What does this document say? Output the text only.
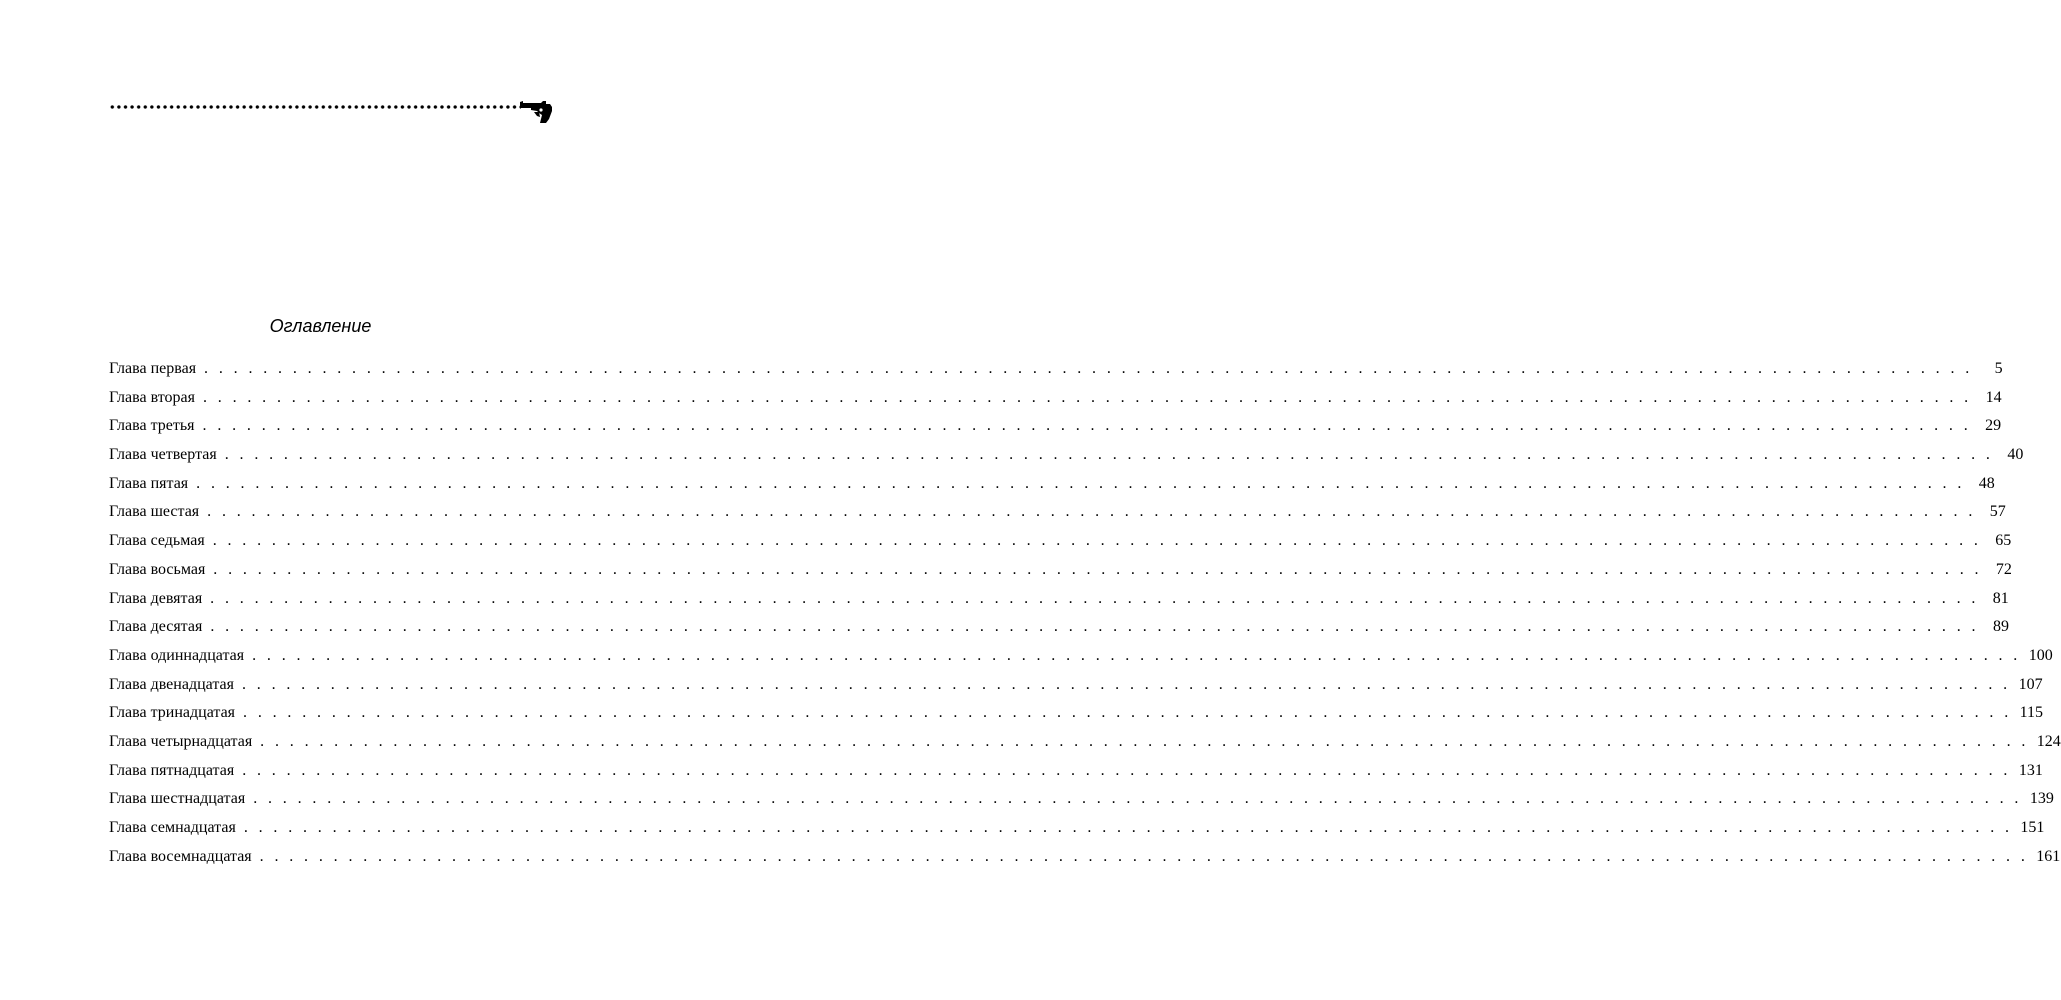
Оглавление
Глава первая . . . . . . . . . . . . . . . . . . . . . . . . . . . . . . . . . . . . . . . . . . . . . . . . . . . . . . . . . . . . . . . . . . . . . . . . . . . . . . . . . . . . . . . . . . . . . . . . . . . . . . . . . . . . . . . . . . . . . . . .	5
Глава вторая . . . . . . . . . . . . . . . . . . . . . . . . . . . . . . . . . . . . . . . . . . . . . . . . . . . . . . . . . . . . . . . . . . . . . . . . . . . . . . . . . . . . . . . . . . . . . . . . . . . . . . . . . . . . . . . . . . . . . . . . 14
Глава третья . . . . . . . . . . . . . . . . . . . . . . . . . . . . . . . . . . . . . . . . . . . . . . . . . . . . . . . . . . . . . . . . . . . . . . . . . . . . . . . . . . . . . . . . . . . . . . . . . . . . . . . . . . . . . . . . . . . . . . . . 29
Глава четвертая . . . . . . . . . . . . . . . . . . . . . . . . . . . . . . . . . . . . . . . . . . . . . . . . . . . . . . . . . . . . . . . . . . . . . . . . . . . . . . . . . . . . . . . . . . . . . . . . . . . . . . . . . . . . . . . . . . . . . . . . 40
Глава пятая . . . . . . . . . . . . . . . . . . . . . . . . . . . . . . . . . . . . . . . . . . . . . . . . . . . . . . . . . . . . . . . . . . . . . . . . . . . . . . . . . . . . . . . . . . . . . . . . . . . . . . . . . . . . . . . . . . . . . . . . 48
Глава шестая . . . . . . . . . . . . . . . . . . . . . . . . . . . . . . . . . . . . . . . . . . . . . . . . . . . . . . . . . . . . . . . . . . . . . . . . . . . . . . . . . . . . . . . . . . . . . . . . . . . . . . . . . . . . . . . . . . . . . . . . 57
Глава седьмая . . . . . . . . . . . . . . . . . . . . . . . . . . . . . . . . . . . . . . . . . . . . . . . . . . . . . . . . . . . . . . . . . . . . . . . . . . . . . . . . . . . . . . . . . . . . . . . . . . . . . . . . . . . . . . . . . . . . . . . . 65
Глава восьмая . . . . . . . . . . . . . . . . . . . . . . . . . . . . . . . . . . . . . . . . . . . . . . . . . . . . . . . . . . . . . . . . . . . . . . . . . . . . . . . . . . . . . . . . . . . . . . . . . . . . . . . . . . . . . . . . . . . . . . . . 72
Глава девятая . . . . . . . . . . . . . . . . . . . . . . . . . . . . . . . . . . . . . . . . . . . . . . . . . . . . . . . . . . . . . . . . . . . . . . . . . . . . . . . . . . . . . . . . . . . . . . . . . . . . . . . . . . . . . . . . . . . . . . . . 81
Глава десятая . . . . . . . . . . . . . . . . . . . . . . . . . . . . . . . . . . . . . . . . . . . . . . . . . . . . . . . . . . . . . . . . . . . . . . . . . . . . . . . . . . . . . . . . . . . . . . . . . . . . . . . . . . . . . . . . . . . . . . . . 89
Глава одиннадцатая . . . . . . . . . . . . . . . . . . . . . . . . . . . . . . . . . . . . . . . . . . . . . . . . . . . . . . . . . . . . . . . . . . . . . . . . . . . . . . . . . . . . . . . . . . . . . . . . . . . . . . . . . . . . . . . . . . . . . . . . 100
Глава двенадцатая . . . . . . . . . . . . . . . . . . . . . . . . . . . . . . . . . . . . . . . . . . . . . . . . . . . . . . . . . . . . . . . . . . . . . . . . . . . . . . . . . . . . . . . . . . . . . . . . . . . . . . . . . . . . . . . . . . . . . . . . 107
Глава тринадцатая . . . . . . . . . . . . . . . . . . . . . . . . . . . . . . . . . . . . . . . . . . . . . . . . . . . . . . . . . . . . . . . . . . . . . . . . . . . . . . . . . . . . . . . . . . . . . . . . . . . . . . . . . . . . . . . . . . . . . . . . 115
Глава четырнадцатая . . . . . . . . . . . . . . . . . . . . . . . . . . . . . . . . . . . . . . . . . . . . . . . . . . . . . . . . . . . . . . . . . . . . . . . . . . . . . . . . . . . . . . . . . . . . . . . . . . . . . . . . . . . . . . . . . . . . . . . . 124
Глава пятнадцатая . . . . . . . . . . . . . . . . . . . . . . . . . . . . . . . . . . . . . . . . . . . . . . . . . . . . . . . . . . . . . . . . . . . . . . . . . . . . . . . . . . . . . . . . . . . . . . . . . . . . . . . . . . . . . . . . . . . . . . . . 131
Глава шестнадцатая . . . . . . . . . . . . . . . . . . . . . . . . . . . . . . . . . . . . . . . . . . . . . . . . . . . . . . . . . . . . . . . . . . . . . . . . . . . . . . . . . . . . . . . . . . . . . . . . . . . . . . . . . . . . . . . . . . . . . . . . 139
Глава семнадцатая . . . . . . . . . . . . . . . . . . . . . . . . . . . . . . . . . . . . . . . . . . . . . . . . . . . . . . . . . . . . . . . . . . . . . . . . . . . . . . . . . . . . . . . . . . . . . . . . . . . . . . . . . . . . . . . . . . . . . . . . 151
Глава восемнадцатая . . . . . . . . . . . . . . . . . . . . . . . . . . . . . . . . . . . . . . . . . . . . . . . . . . . . . . . . . . . . . . . . . . . . . . . . . . . . . . . . . . . . . . . . . . . . . . . . . . . . . . . . . . . . . . . . . . . . . . . . 161
